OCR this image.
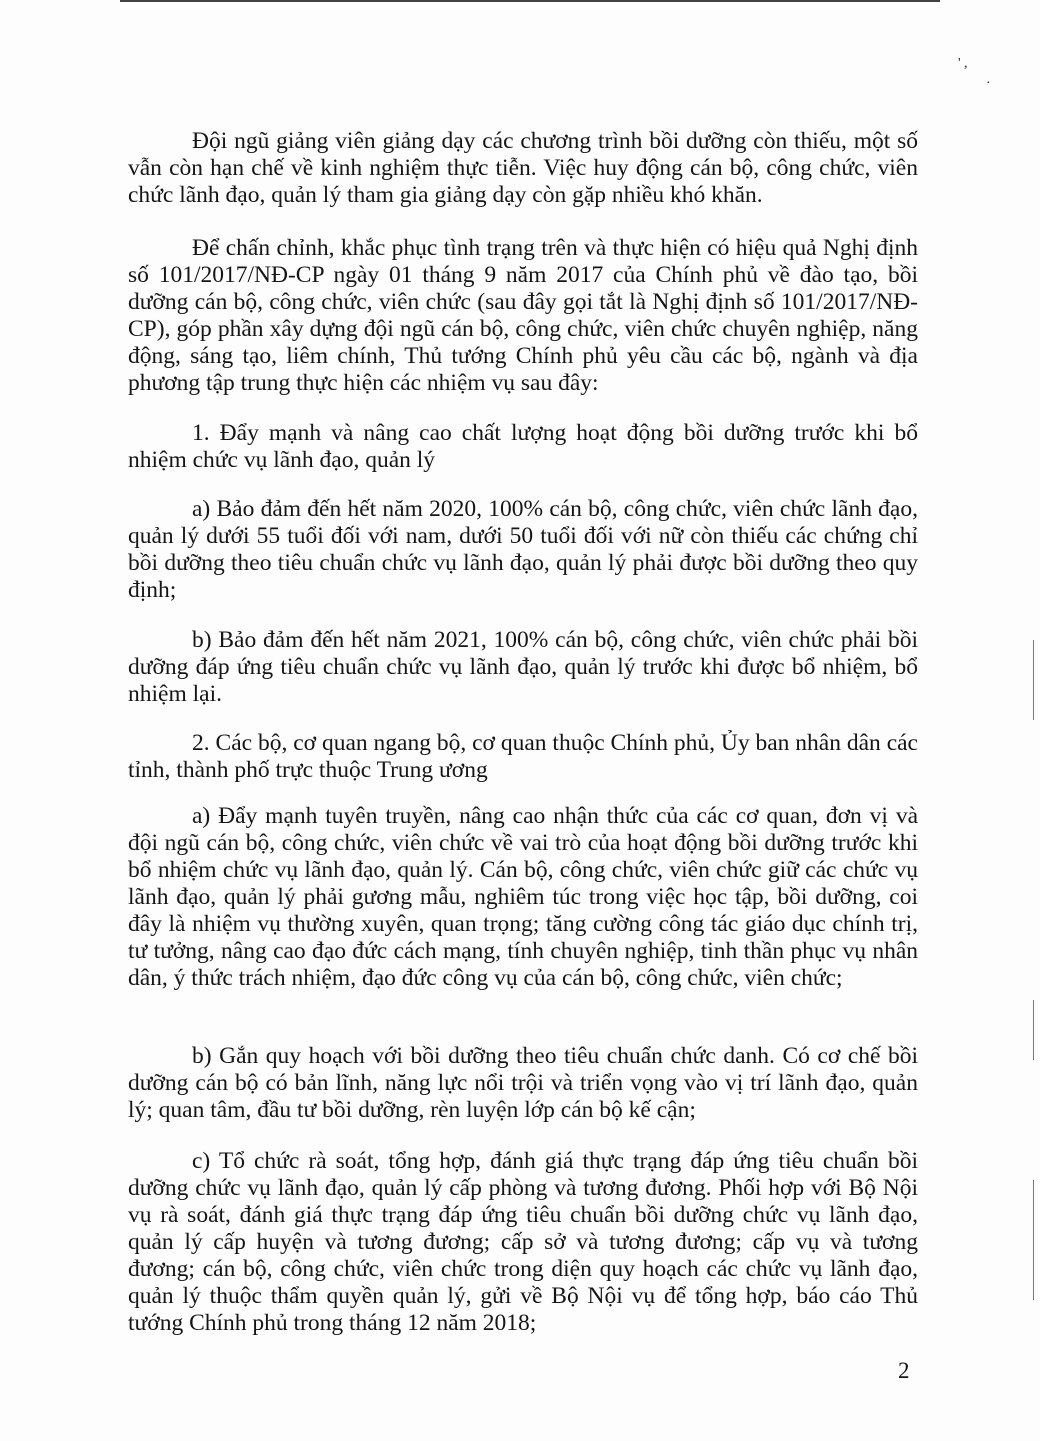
' ,
·

Đội ngũ giảng viên giảng dạy các chương trình bồi dưỡng còn thiếu, một số vẫn còn hạn chế về kinh nghiệm thực tiễn. Việc huy động cán bộ, công chức, viên chức lãnh đạo, quản lý tham gia giảng dạy còn gặp nhiều khó khăn.

Để chấn chỉnh, khắc phục tình trạng trên và thực hiện có hiệu quả Nghị định số 101/2017/NĐ-CP ngày 01 tháng 9 năm 2017 của Chính phủ về đào tạo, bồi dưỡng cán bộ, công chức, viên chức (sau đây gọi tắt là Nghị định số 101/2017/NĐ-CP), góp phần xây dựng đội ngũ cán bộ, công chức, viên chức chuyên nghiệp, năng động, sáng tạo, liêm chính, Thủ tướng Chính phủ yêu cầu các bộ, ngành và địa phương tập trung thực hiện các nhiệm vụ sau đây:

1. Đẩy mạnh và nâng cao chất lượng hoạt động bồi dưỡng trước khi bổ nhiệm chức vụ lãnh đạo, quản lý

a) Bảo đảm đến hết năm 2020, 100% cán bộ, công chức, viên chức lãnh đạo, quản lý dưới 55 tuổi đối với nam, dưới 50 tuổi đối với nữ còn thiếu các chứng chỉ bồi dưỡng theo tiêu chuẩn chức vụ lãnh đạo, quản lý phải được bồi dưỡng theo quy định;

b) Bảo đảm đến hết năm 2021, 100% cán bộ, công chức, viên chức phải bồi dưỡng đáp ứng tiêu chuẩn chức vụ lãnh đạo, quản lý trước khi được bổ nhiệm, bổ nhiệm lại.

2. Các bộ, cơ quan ngang bộ, cơ quan thuộc Chính phủ, Ủy ban nhân dân các tỉnh, thành phố trực thuộc Trung ương

a) Đẩy mạnh tuyên truyền, nâng cao nhận thức của các cơ quan, đơn vị và đội ngũ cán bộ, công chức, viên chức về vai trò của hoạt động bồi dưỡng trước khi bổ nhiệm chức vụ lãnh đạo, quản lý. Cán bộ, công chức, viên chức giữ các chức vụ lãnh đạo, quản lý phải gương mẫu, nghiêm túc trong việc học tập, bồi dưỡng, coi đây là nhiệm vụ thường xuyên, quan trọng; tăng cường công tác giáo dục chính trị, tư tưởng, nâng cao đạo đức cách mạng, tính chuyên nghiệp, tinh thần phục vụ nhân dân, ý thức trách nhiệm, đạo đức công vụ của cán bộ, công chức, viên chức;

b) Gắn quy hoạch với bồi dưỡng theo tiêu chuẩn chức danh. Có cơ chế bồi dưỡng cán bộ có bản lĩnh, năng lực nổi trội và triển vọng vào vị trí lãnh đạo, quản lý; quan tâm, đầu tư bồi dưỡng, rèn luyện lớp cán bộ kế cận;

c) Tổ chức rà soát, tổng hợp, đánh giá thực trạng đáp ứng tiêu chuẩn bồi dưỡng chức vụ lãnh đạo, quản lý cấp phòng và tương đương. Phối hợp với Bộ Nội vụ rà soát, đánh giá thực trạng đáp ứng tiêu chuẩn bồi dưỡng chức vụ lãnh đạo, quản lý cấp huyện và tương đương; cấp sở và tương đương; cấp vụ và tương đương; cán bộ, công chức, viên chức trong diện quy hoạch các chức vụ lãnh đạo, quản lý thuộc thẩm quyền quản lý, gửi về Bộ Nội vụ để tổng hợp, báo cáo Thủ tướng Chính phủ trong tháng 12 năm 2018;

2
